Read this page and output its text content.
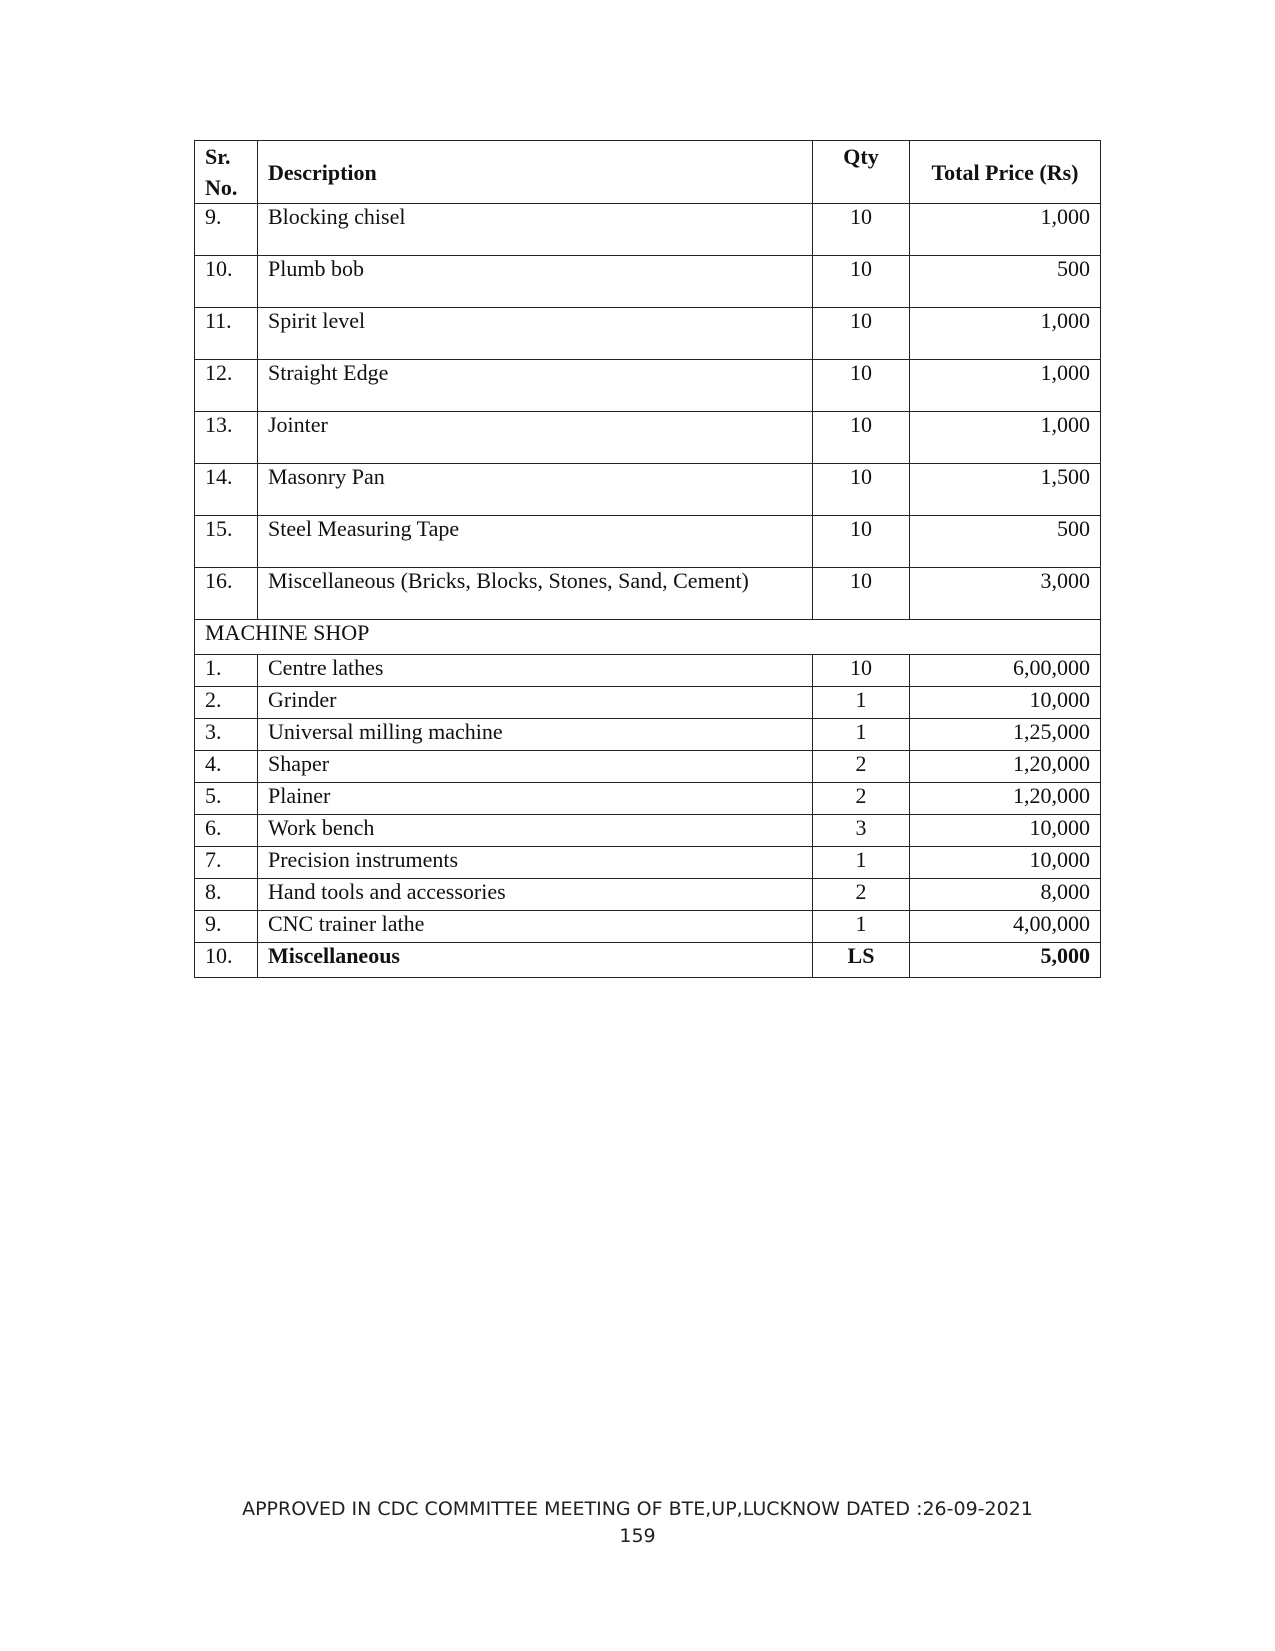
Sr. No.	Description	Qty	Total Price (Rs)
9.	Blocking chisel	10	1,000
10.	Plumb bob	10	500
11.	Spirit level	10	1,000
12.	Straight Edge	10	1,000
13.	Jointer	10	1,000
14.	Masonry Pan	10	1,500
15.	Steel Measuring Tape	10	500
16.	Miscellaneous (Bricks, Blocks, Stones, Sand, Cement)	10	3,000
MACHINE SHOP			
1.	Centre lathes	10	6,00,000
2.	Grinder	1	10,000
3.	Universal milling machine	1	1,25,000
4.	Shaper	2	1,20,000
5.	Plainer	2	1,20,000
6.	Work bench	3	10,000
7.	Precision instruments	1	10,000
8.	Hand tools and accessories	2	8,000
9.	CNC trainer lathe	1	4,00,000
10.	Miscellaneous	LS	5,000
APPROVED IN CDC COMMITTEE MEETING OF BTE,UP,LUCKNOW DATED :26-09-2021
159
